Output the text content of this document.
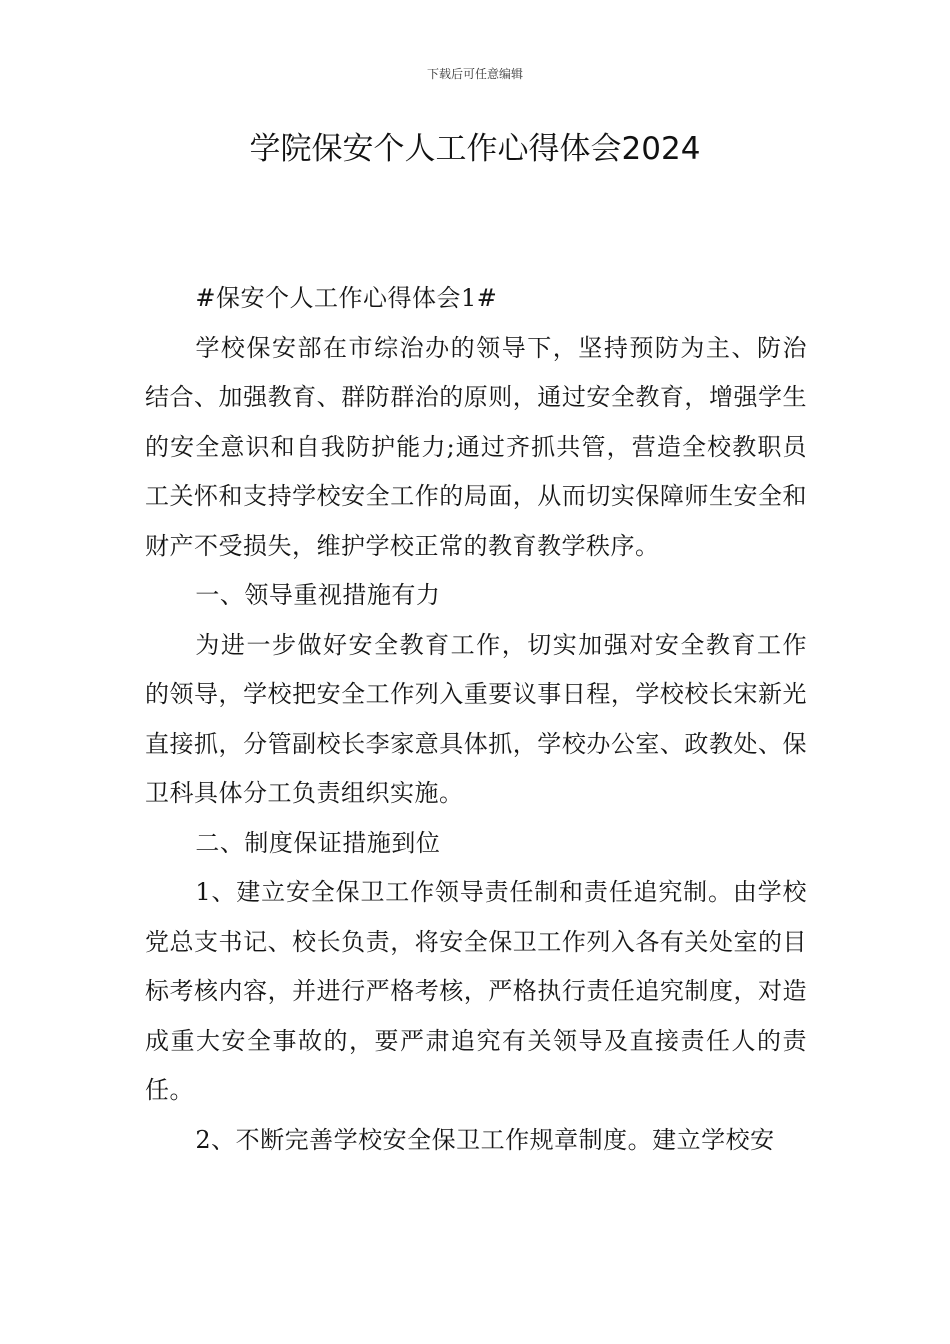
下载后可任意编辑
学院保安个人工作心得体会2024

#保安个人工作心得体会1#

学校保安部在市综治办的领导下，坚持预防为主、防治结合、加强教育、群防群治的原则，通过安全教育，增强学生的安全意识和自我防护能力;通过齐抓共管，营造全校教职员工关怀和支持学校安全工作的局面，从而切实保障师生安全和财产不受损失，维护学校正常的教育教学秩序。

一、领导重视措施有力

为进一步做好安全教育工作，切实加强对安全教育工作的领导，学校把安全工作列入重要议事日程，学校校长宋新光直接抓，分管副校长李家意具体抓，学校办公室、政教处、保卫科具体分工负责组织实施。

二、制度保证措施到位

1、建立安全保卫工作领导责任制和责任追究制。由学校党总支书记、校长负责，将安全保卫工作列入各有关处室的目标考核内容，并进行严格考核，严格执行责任追究制度，对造成重大安全事故的，要严肃追究有关领导及直接责任人的责任。

2、不断完善学校安全保卫工作规章制度。建立学校安
